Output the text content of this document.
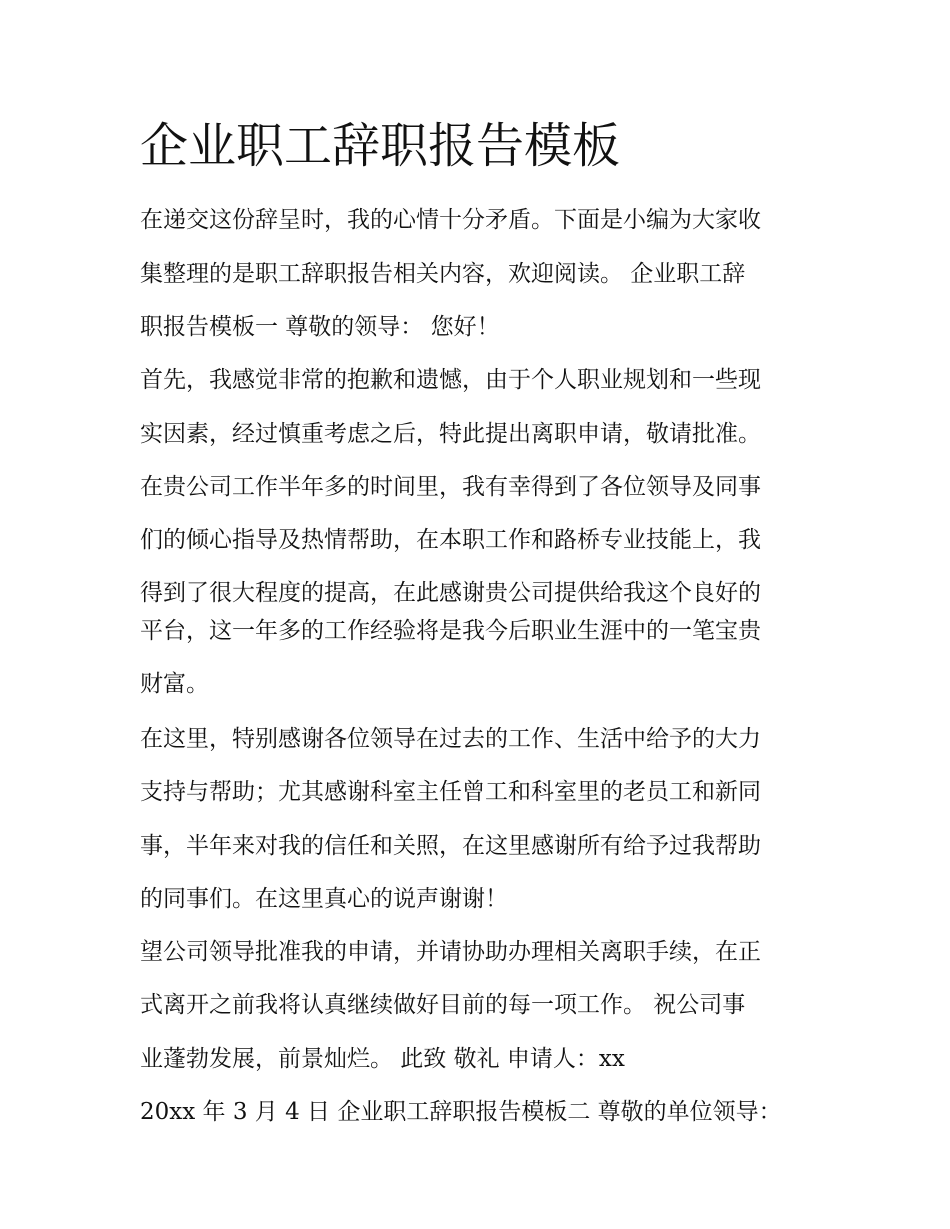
企业职工辞职报告模板

在递交这份辞呈时，我的心情十分矛盾。下面是小编为大家收

集整理的是职工辞职报告相关内容，欢迎阅读。 企业职工辞

职报告模板一 尊敬的领导： 您好！

首先，我感觉非常的抱歉和遗憾，由于个人职业规划和一些现

实因素，经过慎重考虑之后，特此提出离职申请，敬请批准。

在贵公司工作半年多的时间里，我有幸得到了各位领导及同事

们的倾心指导及热情帮助，在本职工作和路桥专业技能上，我

得到了很大程度的提高，在此感谢贵公司提供给我这个良好的

平台，这一年多的工作经验将是我今后职业生涯中的一笔宝贵

财富。

在这里，特别感谢各位领导在过去的工作、生活中给予的大力

支持与帮助；尤其感谢科室主任曾工和科室里的老员工和新同

事，半年来对我的信任和关照，在这里感谢所有给予过我帮助

的同事们。在这里真心的说声谢谢！

望公司领导批准我的申请，并请协助办理相关离职手续，在正

式离开之前我将认真继续做好目前的每一项工作。 祝公司事

业蓬勃发展，前景灿烂。 此致 敬礼 申请人：xx

20xx 年 3 月 4 日 企业职工辞职报告模板二 尊敬的单位领导：
